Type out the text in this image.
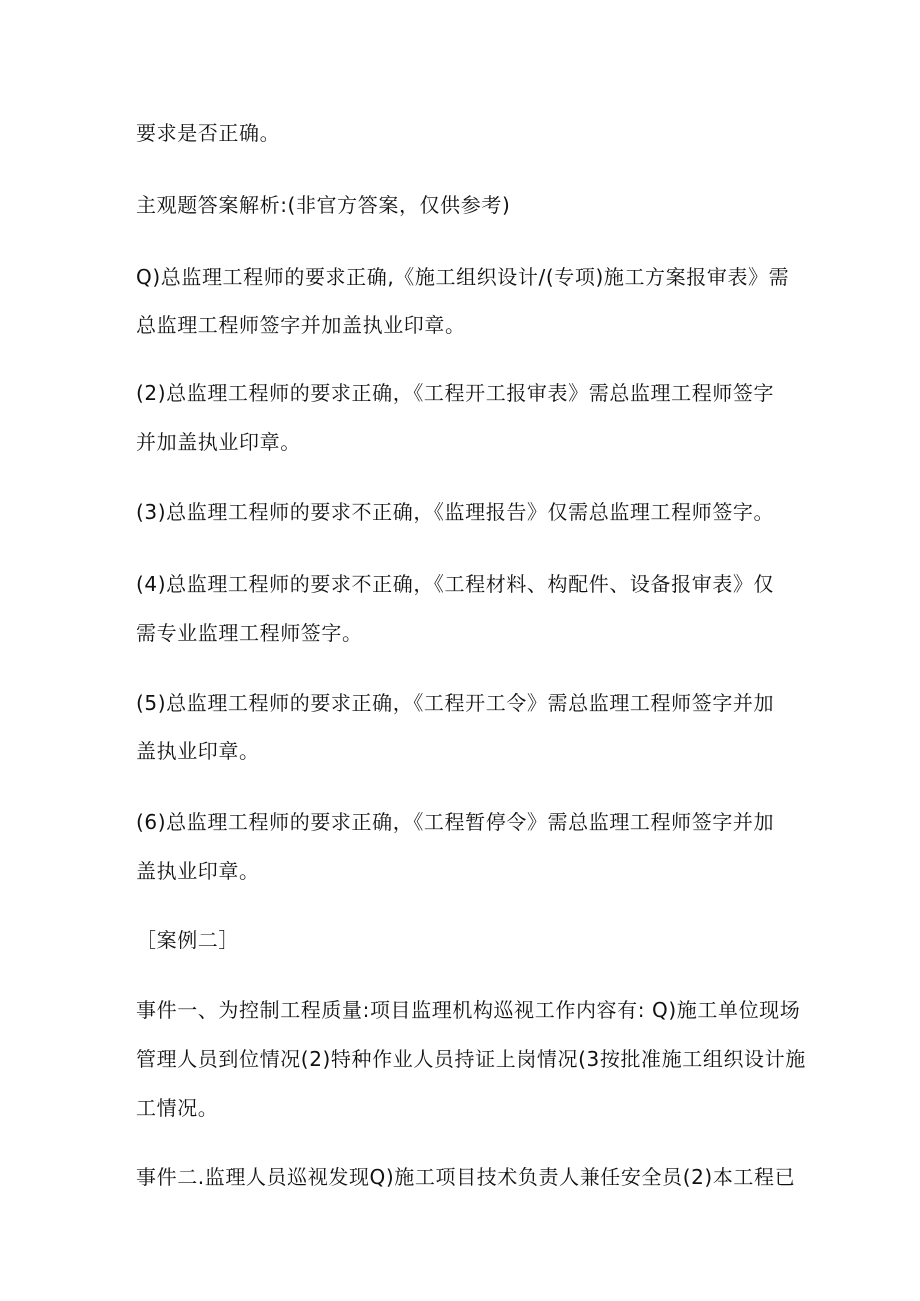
要求是否正确。
主观题答案解析:(非官方答案，仅供参考)
Q)总监理工程师的要求正确,《施工组织设计/(专项)施工方案报审表》需
总监理工程师签字并加盖执业印章。
(2)总监理工程师的要求正确，《工程开工报审表》需总监理工程师签字
并加盖执业印章。
(3)总监理工程师的要求不正确，《监理报告》仅需总监理工程师签字。
(4)总监理工程师的要求不正确，《工程材料、构配件、设备报审表》仅
需专业监理工程师签字。
(5)总监理工程师的要求正确，《工程开工令》需总监理工程师签字并加
盖执业印章。
(6)总监理工程师的要求正确，《工程暂停令》需总监理工程师签字并加
盖执业印章。
［案例二］
事件一、为控制工程质量:项目监理机构巡视工作内容有: Q)施工单位现场
管理人员到位情况(2)特种作业人员持证上岗情况(3按批准施工组织设计施
工情况。
事件二.监理人员巡视发现Q)施工项目技术负责人兼任安全员(2)本工程已
